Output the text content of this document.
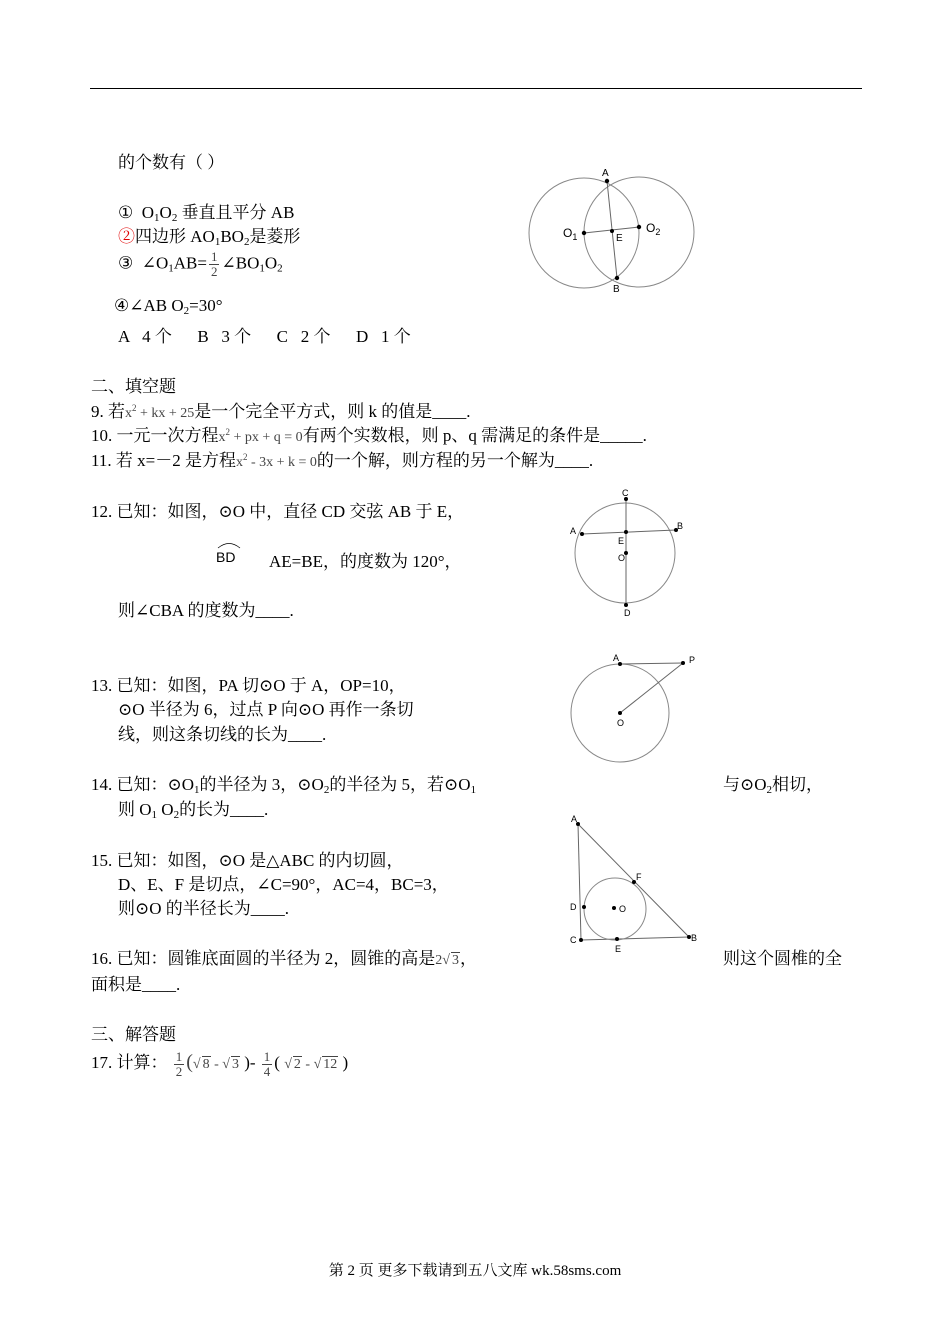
的个数有（ ）
① $O_1O_2$ 垂直且平分 AB
②四边形 $AO_1BO_2$是菱形
③ $\angle O_1AB= \frac{1}{2}$ $\angle BO_1O_2$
④∠AB $O_2=30^\circ$
A   4 个      B   3 个      C   2 个      D   1 个
A
B
E
$O_1$
$O_2$
二、填空题
9. 若$x^2$ + kx + 25是一个完全平方式，则 k 的值是____.
10. 一元一次方程$x^2$ + px + q = 0有两个实数根，则 p、q 需满足的条件是_____.
11. 若 x=－2 是方程$x^2 - 3x + k = 0$的一个解，则方程的另一个解为____.
12. 已知：如图，⊙O 中，直径 CD 交弦 AB 于 E，
BD AE=BE，的度数为 120°，
则∠CBA 的度数为____.
C
D
A	B
E
O
13. 已知：如图，PA 切⊙O 于 A，OP=10，
⊙O 半径为 6，过点 P 向⊙O 再作一条切
线，则这条切线的长为____.
A	P
O
14. 已知：$⊙O_1$的半径为 3，$⊙O_2$的半径为 5，若$⊙O_1$	与$⊙O_2$相切，
则 $O_1$ $O_2$的长为____.
15. 已知：如图，⊙O 是△ABC 的内切圆，
D、E、F 是切点，∠C=90°，AC=4，BC=3，
则⊙O 的半径长为____.
A
B
C
D
E
F
O
16. 已知：圆锥底面圆的半径为 2，圆锥的高是2√ 3，	则这个圆椎的全
面积是____.
三、解答题
17. 计算： $\frac{1}{2}$ (√ 8 - √ 3 )- $\frac{1}{4}$ ( √ 2 - √ 12 )
第 2 页 更多下载请到五八文库 wk.58sms.com
